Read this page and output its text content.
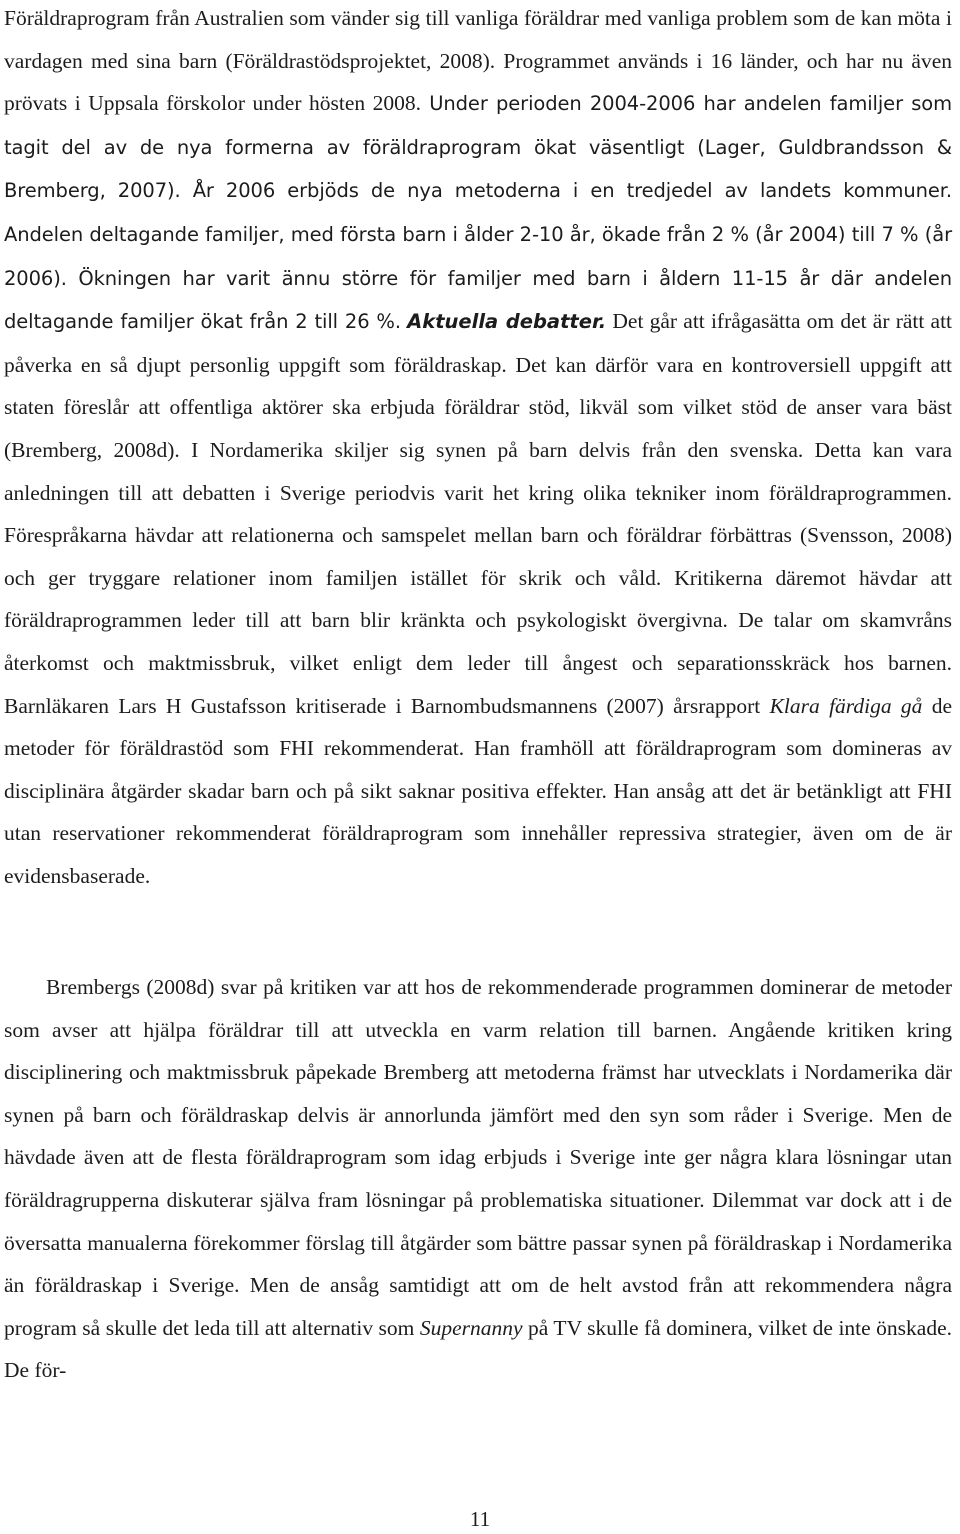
Föräldraprogram från Australien som vänder sig till vanliga föräldrar med vanliga problem som de kan möta i vardagen med sina barn (Föräldrastödsprojektet, 2008). Programmet används i 16 länder, och har nu även prövats i Uppsala förskolor under hösten 2008. Under perioden 2004-2006 har andelen familjer som tagit del av de nya formerna av föräldraprogram ökat väsentligt (Lager, Guldbrandsson & Bremberg, 2007). År 2006 erbjöds de nya metoderna i en tredjedel av landets kommuner. Andelen deltagande familjer, med första barn i ålder 2-10 år, ökade från 2 % (år 2004) till 7 % (år 2006). Ökningen har varit ännu större för familjer med barn i åldern 11-15 år där andelen deltagande familjer ökat från 2 till 26 %. Aktuella debatter. Det går att ifrågasätta om det är rätt att påverka en så djupt personlig uppgift som föräldraskap. Det kan därför vara en kontroversiell uppgift att staten föreslår att offentliga aktörer ska erbjuda föräldrar stöd, likväl som vilket stöd de anser vara bäst (Bremberg, 2008d). I Nordamerika skiljer sig synen på barn delvis från den svenska. Detta kan vara anledningen till att debatten i Sverige periodvis varit het kring olika tekniker inom föräldraprogrammen. Förespråkarna hävdar att relationerna och samspelet mellan barn och föräldrar förbättras (Svensson, 2008) och ger tryggare relationer inom familjen istället för skrik och våld. Kritikerna däremot hävdar att föräldraprogrammen leder till att barn blir kränkta och psykologiskt övergivna. De talar om skamvråns återkomst och maktmissbruk, vilket enligt dem leder till ångest och separationsskräck hos barnen. Barnläkaren Lars H Gustafsson kritiserade i Barnombudsmannens (2007) årsrapport Klara färdiga gå de metoder för föräldrastöd som FHI rekommenderat. Han framhöll att föräldraprogram som domineras av disciplinära åtgärder skadar barn och på sikt saknar positiva effekter. Han ansåg att det är betänkligt att FHI utan reservationer rekommenderat föräldraprogram som innehåller repressiva strategier, även om de är evidensbaserade.

Brembergs (2008d) svar på kritiken var att hos de rekommenderade programmen dominerar de metoder som avser att hjälpa föräldrar till att utveckla en varm relation till barnen. Angående kritiken kring disciplinering och maktmissbruk påpekade Bremberg att metoderna främst har utvecklats i Nordamerika där synen på barn och föräldraskap delvis är annorlunda jämfört med den syn som råder i Sverige. Men de hävdade även att de flesta föräldraprogram som idag erbjuds i Sverige inte ger några klara lösningar utan föräldragrupperna diskuterar själva fram lösningar på problematiska situationer. Dilemmat var dock att i de översatta manualerna förekommer förslag till åtgärder som bättre passar synen på föräldraskap i Nordamerika än föräldraskap i Sverige. Men de ansåg samtidigt att om de helt avstod från att rekommendera några program så skulle det leda till att alternativ som Supernanny på TV skulle få dominera, vilket de inte önskade. De för-

11
